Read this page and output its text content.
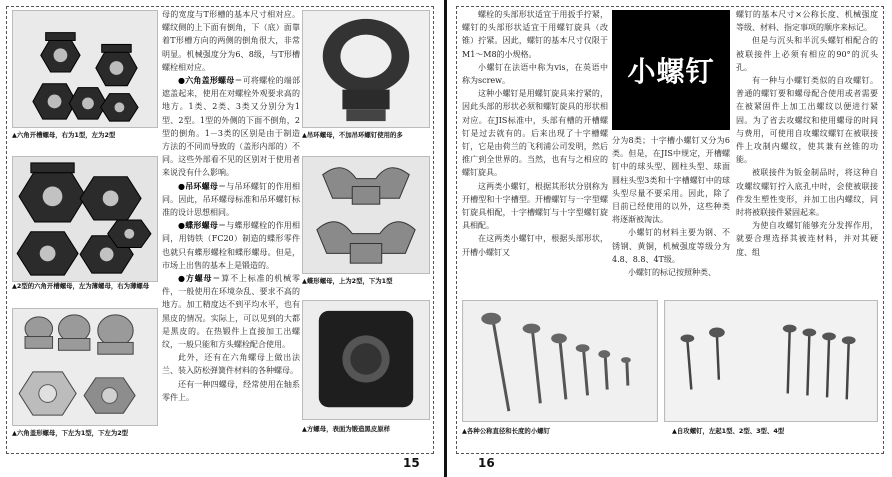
▲六角开槽螺母，右为1型，左为2型
▲2型的六角开槽螺母，左为薄螺母，右为薄螺母
▲六角盖形螺母，下左为1型，下左为2型

母的宽度与T形槽的基本尺寸相对应。螺纹侧的上下面有倒角，下（底）面靠着T形槽方向的两侧的倒角很大，非常明显。机械强度分为6、8级，与T形槽螺栓相对应。

●六角盖形螺母＝可将螺栓的端部遮盖起来，使用在对螺栓外观要求高的地方。1类、2类、3类又分别分为1型、2型。1型的外侧的下面不倒角，2型的倒角。1－3类的区别是由于制造方法的不同而导致的（盖形内部的）不同。这些外部看不见的区别对于使用者来说没有什么影响。

●吊环螺母＝与吊环螺钉的作用相同。因此，吊环螺母标准和吊环螺钉标准的设计思想相同。

●蝶形螺母＝与蝶形螺栓的作用相同，用铸铁（FC20）制造的蝶形零件也就只有蝶形螺栓和蝶形螺母。但是，市场上出售的基本上是锻造的。

●方螺母＝算不上标准的机械零件，一般使用在环境杂乱、要求不高的地方。加工精度达不到平均水平，也有黑皮的情况。实际上，可以见到的大都是黑皮的。在热锻件上直接加工出螺纹，一般只能和方头螺栓配合使用。

此外，还有在六角螺母上做出法兰、装入防松弹簧件材料的各种螺母。

还有一种四螺母，经常使用在轴系零件上。

▲吊环螺母，不加吊环螺钉使用的多
▲蝶形螺母，上为2型，下为1型
▲方螺母，表面为锻造黑皮原样
15

螺栓的头部形状适宜于用扳手拧紧，螺钉的头部形状适宜于用螺钉旋具（改锥）拧紧。因此，螺钉的基本尺寸仅限于M1～M8的小规格。

小螺钉在法语中称为vis，在英语中称为screw。

这种小螺钉是用螺钉旋具来拧紧的，因此头部的形状必须和螺钉旋具的形状相对应。在JIS标准中，头部有槽的开槽螺钉是过去就有的。后来出现了十字槽螺钉，它是由荷兰的飞利浦公司发明，然后推广到全世界的。当然，也有与之相应的螺钉旋具。

这两类小螺钉，根据其形状分别称为开槽型和十字槽型。开槽螺钉与一字型螺钉旋具相配，十字槽螺钉与十字型螺钉旋具相配。

在这两类小螺钉中，根据头部形状，开槽小螺钉又

小螺钉

分为8类；十字槽小螺钉又分为6类。但是，在JIS中规定，开槽螺钉中的球头型、圆柱头型、球面圆柱头型3类和十字槽螺钉中的球头型尽量不要采用。因此，除了目前已经使用的以外，这些种类将逐渐被淘汰。

小螺钉的材料主要为钢、不锈钢、黄铜，机械强度等级分为4.8、8.8、4T级。

小螺钉的标记按照种类、

螺钉的基本尺寸×公称长度、机械强度等级、材料、指定事项的顺序来标记。

但是与沉头和半沉头螺钉相配合的被联接件上必须有相应的90°的沉头孔。

有一种与小螺钉类似的自攻螺钉。普通的螺钉要和螺母配合使用或者需要在被紧固件上加工出螺纹以便进行紧固。为了省去攻螺纹和使用螺母的时间与费用，可使用自攻螺纹螺钉在被联接件上攻制内螺纹，使其兼有丝锥的功能。

被联接件为钣金制品时，将这种自攻螺纹螺钉拧入底孔中时，会使被联接件发生塑性变形，并加工出内螺纹，同时将被联接件紧固起来。

为使自攻螺钉能够充分发挥作用，就要合理选择其被连材料，并对其硬度、组

▲各种公称直径和长度的小螺钉	▲自攻螺钉，左起1型、2型、3型、4型
16
